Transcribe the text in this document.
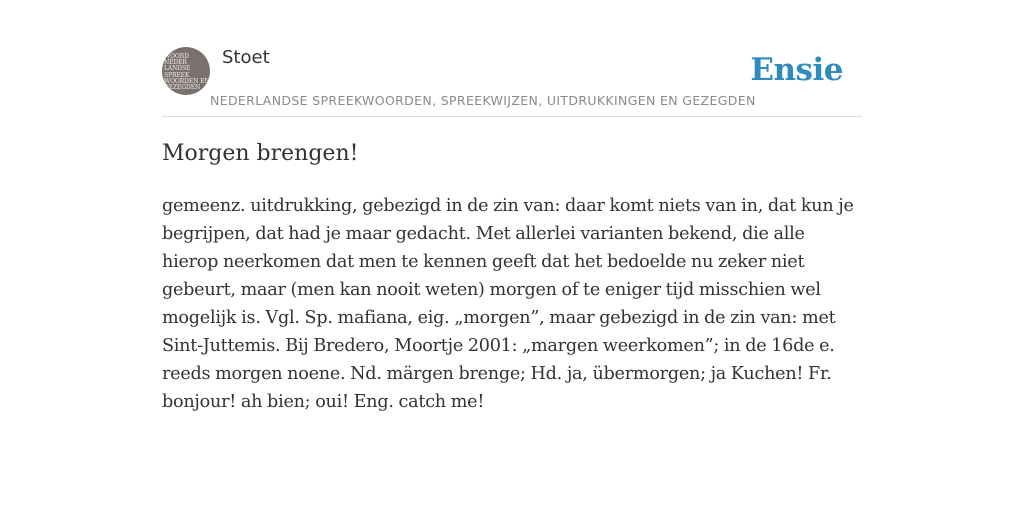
WOORD
NEDER
LANDSE
SPREEK
WOORDEN EN
GEZEGDEN
Stoet
NEDERLANDSE SPREEKWOORDEN, SPREEKWIJZEN, UITDRUKKINGEN EN GEZEGDEN
Ensie
Morgen brengen!

gemeenz. uitdrukking, gebezigd in de zin van: daar komt niets van in, dat kun je begrijpen, dat had je maar gedacht. Met allerlei varianten bekend, die alle hierop neerkomen dat men te kennen geeft dat het bedoelde nu zeker niet gebeurt, maar (men kan nooit weten) morgen of te eniger tijd misschien wel mogelijk is. Vgl. Sp. mafiana, eig. „morgen”, maar gebezigd in de zin van: met Sint-Juttemis. Bij Bredero, Moortje 2001: „margen weerkomen”; in de 16de e. reeds morgen noene. Nd. märgen brenge; Hd. ja, übermorgen; ja Kuchen! Fr. bonjour! ah bien; oui! Eng. catch me!
